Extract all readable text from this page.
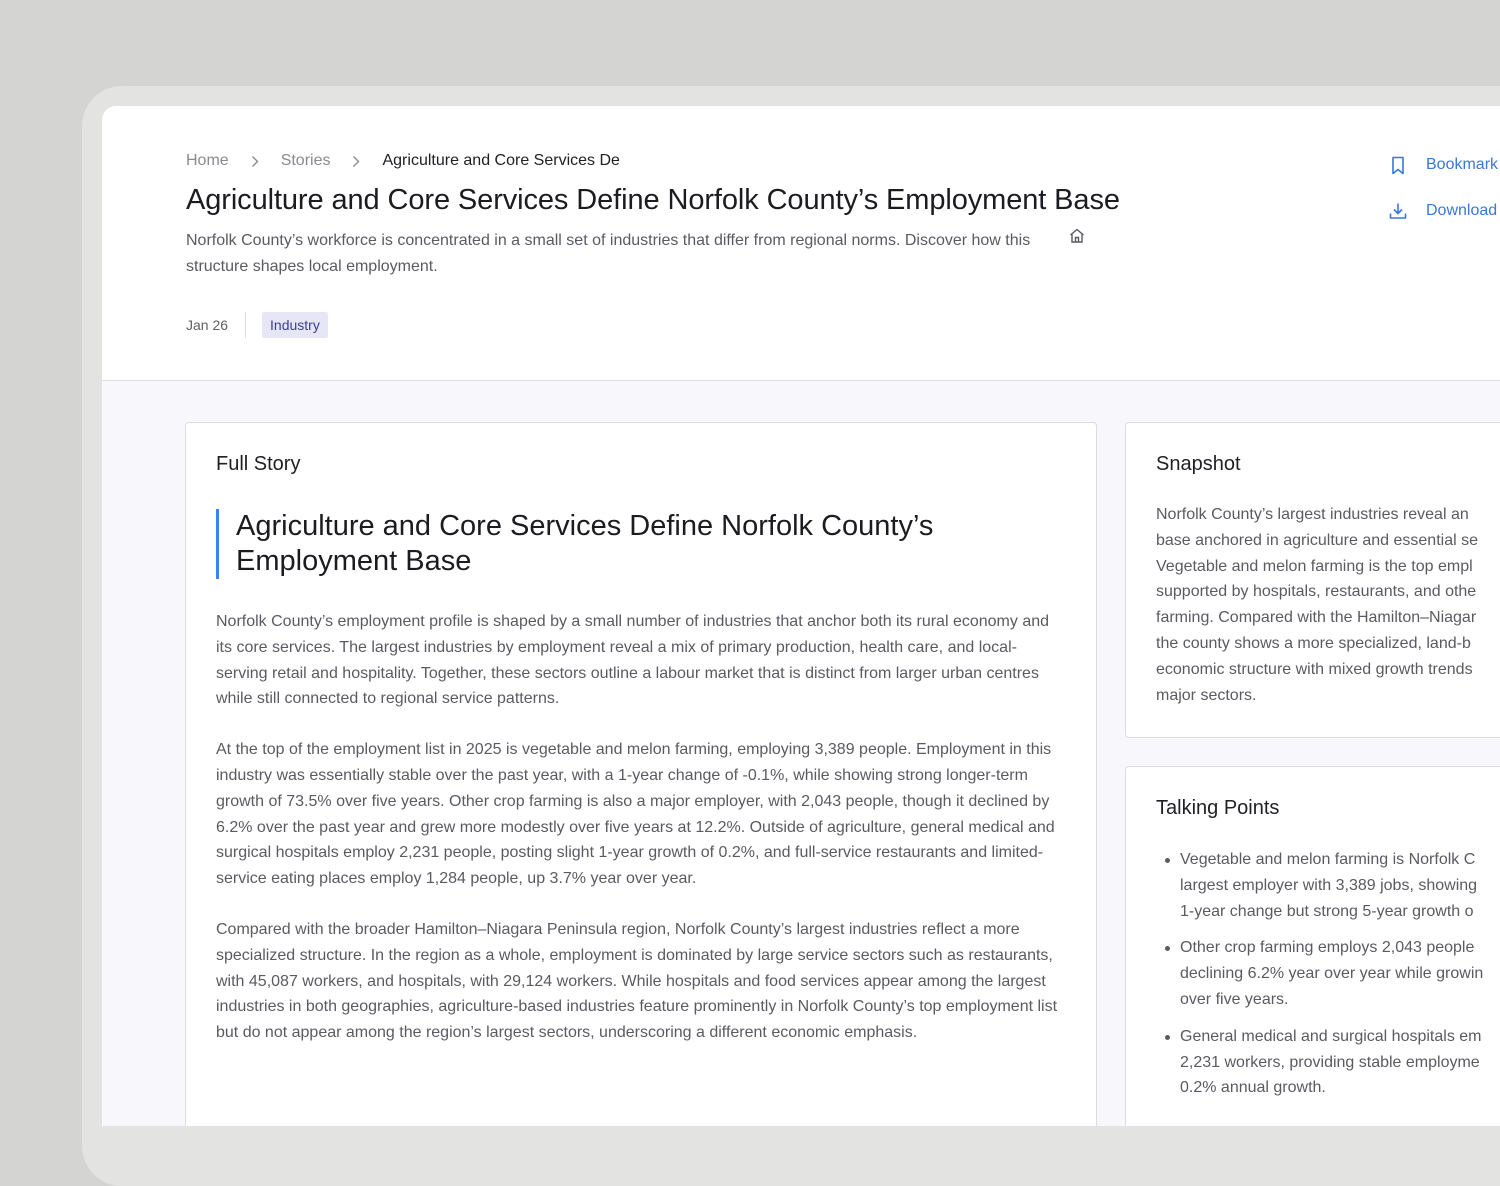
Home	Stories	Agriculture and Core Services De
Agriculture and Core Services Define Norfolk County’s Employment Base

Norfolk County’s workforce is concentrated in a small set of industries that differ from regional norms. Discover how this structure shapes local employment.

Jan 26	Industry
Bookmark
Download
Full Story
Agriculture and Core Services Define Norfolk County’s Employment Base

Norfolk County’s employment profile is shaped by a small number of industries that anchor both its rural economy and its core services. The largest industries by employment reveal a mix of primary production, health care, and local-serving retail and hospitality. Together, these sectors outline a labour market that is distinct from larger urban centres while still connected to regional service patterns.

At the top of the employment list in 2025 is vegetable and melon farming, employing 3,389 people. Employment in this industry was essentially stable over the past year, with a 1-year change of -0.1%, while showing strong longer-term growth of 73.5% over five years. Other crop farming is also a major employer, with 2,043 people, though it declined by 6.2% over the past year and grew more modestly over five years at 12.2%. Outside of agriculture, general medical and surgical hospitals employ 2,231 people, posting slight 1-year growth of 0.2%, and full-service restaurants and limited-service eating places employ 1,284 people, up 3.7% year over year.

Compared with the broader Hamilton–Niagara Peninsula region, Norfolk County’s largest industries reflect a more specialized structure. In the region as a whole, employment is dominated by large service sectors such as restaurants, with 45,087 workers, and hospitals, with 29,124 workers. While hospitals and food services appear among the largest industries in both geographies, agriculture-based industries feature prominently in Norfolk County’s top employment list but do not appear among the region’s largest sectors, underscoring a different economic emphasis.

Snapshot

Norfolk County’s largest industries reveal an
base anchored in agriculture and essential se
Vegetable and melon farming is the top empl
supported by hospitals, restaurants, and othe
farming. Compared with the Hamilton–Niagar
the county shows a more specialized, land-b
economic structure with mixed growth trends
major sectors.

Talking Points
Vegetable and melon farming is Norfolk C
largest employer with 3,389 jobs, showing
1-year change but strong 5-year growth o
Other crop farming employs 2,043 people
declining 6.2% year over year while growin
over five years.
General medical and surgical hospitals em
2,231 workers, providing stable employme
0.2% annual growth.
